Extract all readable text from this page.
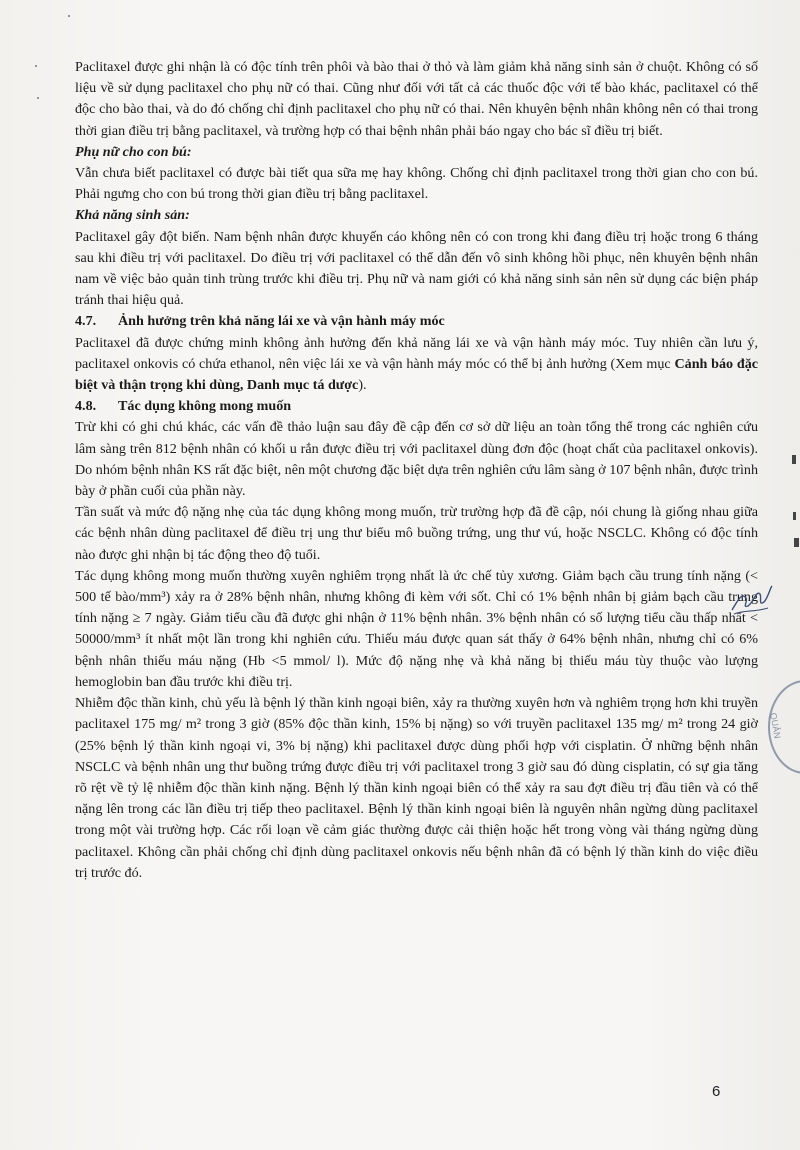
Paclitaxel được ghi nhận là có độc tính trên phôi và bào thai ở thỏ và làm giảm khả năng sinh sản ở chuột. Không có số liệu về sử dụng paclitaxel cho phụ nữ có thai. Cũng như đối với tất cả các thuốc độc với tế bào khác, paclitaxel có thể độc cho bào thai, và do đó chống chỉ định paclitaxel cho phụ nữ có thai. Nên khuyên bệnh nhân không nên có thai trong thời gian điều trị bằng paclitaxel, và trường hợp có thai bệnh nhân phải báo ngay cho bác sĩ điều trị biết.

Phụ nữ cho con bú:

Vẫn chưa biết paclitaxel có được bài tiết qua sữa mẹ hay không. Chống chỉ định paclitaxel trong thời gian cho con bú. Phải ngưng cho con bú trong thời gian điều trị bằng paclitaxel.

Khả năng sinh sản:

Paclitaxel gây đột biến. Nam bệnh nhân được khuyến cáo không nên có con trong khi đang điều trị hoặc trong 6 tháng sau khi điều trị với paclitaxel. Do điều trị với paclitaxel có thể dẫn đến vô sinh không hồi phục, nên khuyên bệnh nhân nam về việc bảo quản tinh trùng trước khi điều trị. Phụ nữ và nam giới có khả năng sinh sản nên sử dụng các biện pháp tránh thai hiệu quả.

4.7.	Ảnh hưởng trên khả năng lái xe và vận hành máy móc

Paclitaxel đã được chứng minh không ảnh hưởng đến khả năng lái xe và vận hành máy móc. Tuy nhiên cần lưu ý, paclitaxel onkovis có chứa ethanol, nên việc lái xe và vận hành máy móc có thể bị ảnh hưởng (Xem mục Cảnh báo đặc biệt và thận trọng khi dùng, Danh mục tá dược).

4.8.	Tác dụng không mong muốn

Trừ khi có ghi chú khác, các vấn đề thảo luận sau đây đề cập đến cơ sở dữ liệu an toàn tổng thể trong các nghiên cứu lâm sàng trên 812 bệnh nhân có khối u rắn được điều trị với paclitaxel dùng đơn độc (hoạt chất của paclitaxel onkovis). Do nhóm bệnh nhân KS rất đặc biệt, nên một chương đặc biệt dựa trên nghiên cứu lâm sàng ở 107 bệnh nhân, được trình bày ở phần cuối của phần này.

Tần suất và mức độ nặng nhẹ của tác dụng không mong muốn, trừ trường hợp đã đề cập, nói chung là giống nhau giữa các bệnh nhân dùng paclitaxel để điều trị ung thư biểu mô buồng trứng, ung thư vú, hoặc NSCLC. Không có độc tính nào được ghi nhận bị tác động theo độ tuổi.

Tác dụng không mong muốn thường xuyên nghiêm trọng nhất là ức chế tủy xương. Giảm bạch cầu trung tính nặng (< 500 tế bào/mm³) xảy ra ở 28% bệnh nhân, nhưng không đi kèm với sốt. Chỉ có 1% bệnh nhân bị giảm bạch cầu trung tính nặng ≥ 7 ngày. Giảm tiểu cầu đã được ghi nhận ở 11% bệnh nhân. 3% bệnh nhân có số lượng tiểu cầu thấp nhất < 50000/mm³ ít nhất một lần trong khi nghiên cứu. Thiếu máu được quan sát thấy ở 64% bệnh nhân, nhưng chỉ có 6% bệnh nhân thiếu máu nặng (Hb <5 mmol/ l). Mức độ nặng nhẹ và khả năng bị thiếu máu tùy thuộc vào lượng hemoglobin ban đầu trước khi điều trị.

Nhiễm độc thần kinh, chủ yếu là bệnh lý thần kinh ngoại biên, xảy ra thường xuyên hơn và nghiêm trọng hơn khi truyền paclitaxel 175 mg/ m² trong 3 giờ (85% độc thần kinh, 15% bị nặng) so với truyền paclitaxel 135 mg/ m² trong 24 giờ (25% bệnh lý thần kinh ngoại vi, 3% bị nặng) khi paclitaxel được dùng phối hợp với cisplatin. Ở những bệnh nhân NSCLC và bệnh nhân ung thư buồng trứng được điều trị với paclitaxel trong 3 giờ sau đó dùng cisplatin, có sự gia tăng rõ rệt về tỷ lệ nhiễm độc thần kinh nặng. Bệnh lý thần kinh ngoại biên có thể xảy ra sau đợt điều trị đầu tiên và có thể nặng lên trong các lần điều trị tiếp theo paclitaxel. Bệnh lý thần kinh ngoại biên là nguyên nhân ngừng dùng paclitaxel trong một vài trường hợp. Các rối loạn về cảm giác thường được cải thiện hoặc hết trong vòng vài tháng ngừng dùng paclitaxel. Không cần phải chống chỉ định dùng paclitaxel onkovis nếu bệnh nhân đã có bệnh lý thần kinh do việc điều trị trước đó.

QUẢN
6
